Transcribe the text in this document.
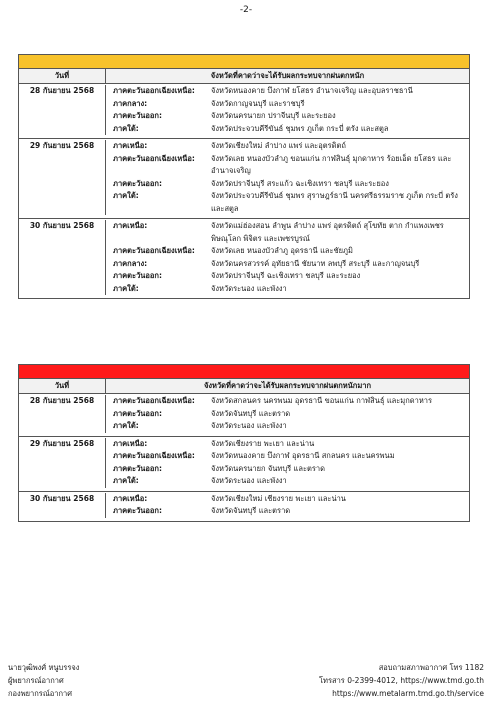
-2-
วันที่	จังหวัดที่คาดว่าจะได้รับผลกระทบจากฝนตกหนัก
28 กันยายน 2568	ภาคตะวันออกเฉียงเหนือ:	จังหวัดหนองคาย บึงกาฬ ยโสธร อำนาจเจริญ และอุบลราชธานี
ภาคกลาง:	จังหวัดกาญจนบุรี และราชบุรี
ภาคตะวันออก:	จังหวัดนครนายก ปราจีนบุรี และระยอง
ภาคใต้:	จังหวัดประจวบคีรีขันธ์ ชุมพร ภูเก็ต กระบี่ ตรัง และสตูล
29 กันยายน 2568	ภาคเหนือ:	จังหวัดเชียงใหม่ ลำปาง แพร่ และอุตรดิตถ์
ภาคตะวันออกเฉียงเหนือ:	จังหวัดเลย หนองบัวลำภู ขอนแก่น กาฬสินธุ์ มุกดาหาร ร้อยเอ็ด ยโสธร และอำนาจเจริญ
ภาคตะวันออก:	จังหวัดปราจีนบุรี สระแก้ว ฉะเชิงเทรา ชลบุรี และระยอง
ภาคใต้:	จังหวัดประจวบคีรีขันธ์ ชุมพร สุราษฎร์ธานี นครศรีธรรมราช ภูเก็ต กระบี่ ตรัง และสตูล
30 กันยายน 2568	ภาคเหนือ:	จังหวัดแม่ฮ่องสอน ลำพูน ลำปาง แพร่ อุตรดิตถ์ สุโขทัย ตาก กำแพงเพชร พิษณุโลก พิจิตร และเพชรบูรณ์
ภาคตะวันออกเฉียงเหนือ:	จังหวัดเลย หนองบัวลำภู อุดรธานี และชัยภูมิ
ภาคกลาง:	จังหวัดนครสวรรค์ อุทัยธานี ชัยนาท ลพบุรี สระบุรี และกาญจนบุรี
ภาคตะวันออก:	จังหวัดปราจีนบุรี ฉะเชิงเทรา ชลบุรี และระยอง
ภาคใต้:	จังหวัดระนอง และพังงา
วันที่	จังหวัดที่คาดว่าจะได้รับผลกระทบจากฝนตกหนักมาก
28 กันยายน 2568	ภาคตะวันออกเฉียงเหนือ:	จังหวัดสกลนคร นครพนม อุดรธานี ขอนแก่น กาฬสินธุ์ และมุกดาหาร
ภาคตะวันออก:	จังหวัดจันทบุรี และตราด
ภาคใต้:	จังหวัดระนอง และพังงา
29 กันยายน 2568	ภาคเหนือ:	จังหวัดเชียงราย พะเยา และน่าน
ภาคตะวันออกเฉียงเหนือ:	จังหวัดหนองคาย บึงกาฬ อุดรธานี สกลนคร และนครพนม
ภาคตะวันออก:	จังหวัดนครนายก จันทบุรี และตราด
ภาคใต้:	จังหวัดระนอง และพังงา
30 กันยายน 2568	ภาคเหนือ:	จังหวัดเชียงใหม่ เชียงราย พะเยา และน่าน
ภาคตะวันออก:	จังหวัดจันทบุรี และตราด
นายวุฒิพงศ์ หนูบรรจง
ผู้พยากรณ์อากาศ
กองพยากรณ์อากาศ
สอบถามสภาพอากาศ โทร 1182
โทรสาร 0-2399-4012, https://www.tmd.go.th
https://www.metalarm.tmd.go.th/service
